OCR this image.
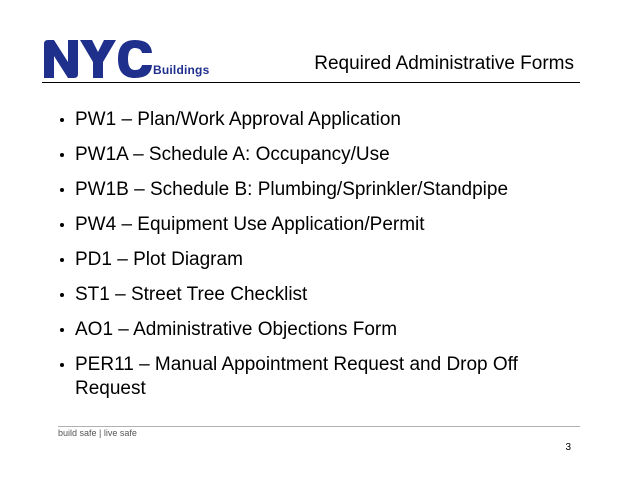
Buildings	Required Administrative Forms
PW1 – Plan/Work Approval Application
PW1A – Schedule A: Occupancy/Use
PW1B – Schedule B: Plumbing/Sprinkler/Standpipe
PW4 – Equipment Use Application/Permit
PD1 – Plot Diagram
ST1 – Street Tree Checklist
AO1 – Administrative Objections Form
PER11 – Manual Appointment Request and Drop Off Request
build safe | live safe
3
